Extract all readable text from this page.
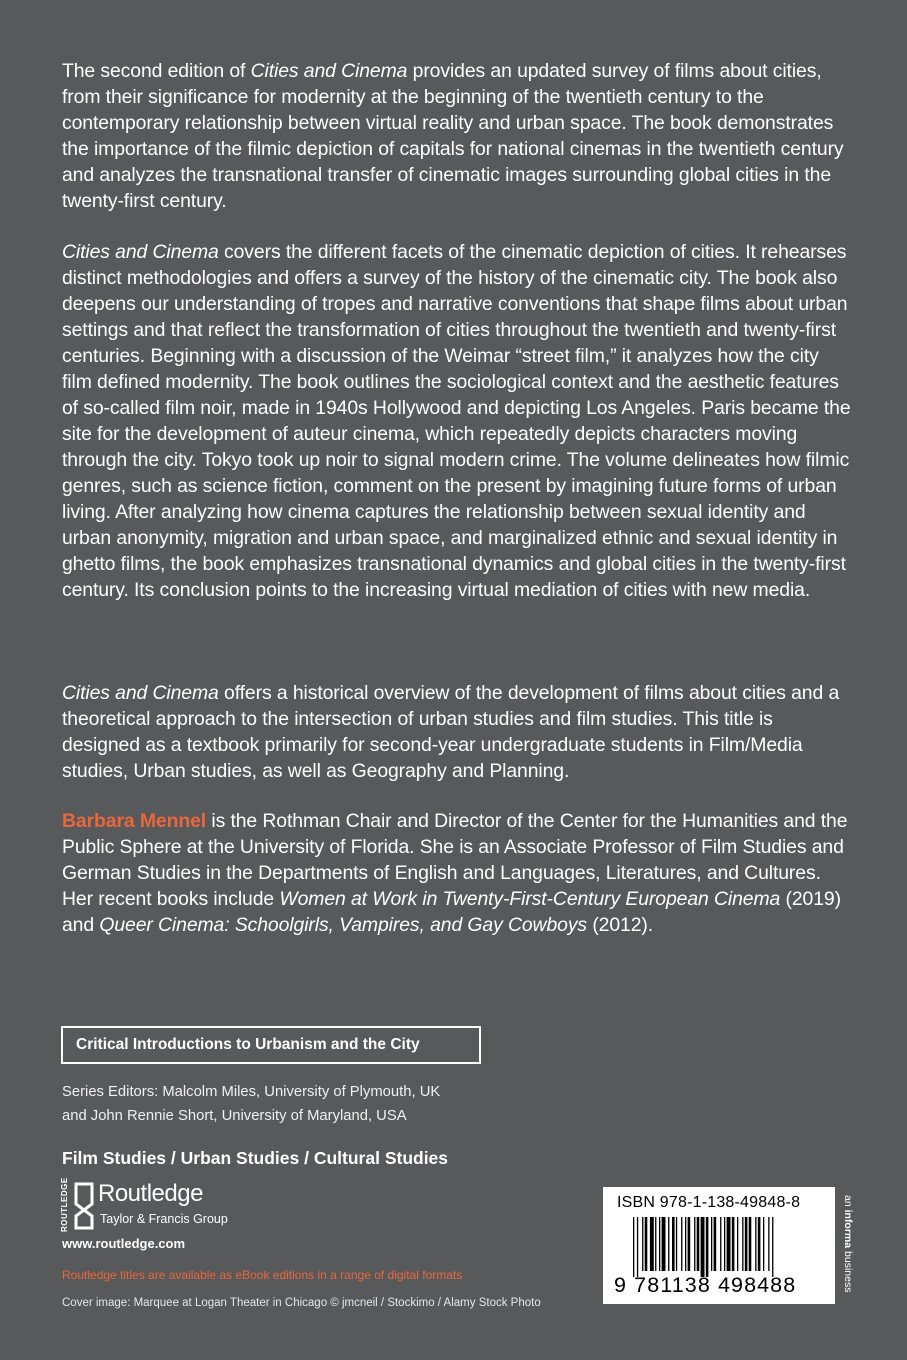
The second edition of Cities and Cinema provides an updated survey of films about cities, from their significance for modernity at the beginning of the twentieth century to the contemporary relationship between virtual reality and urban space. The book demonstrates the importance of the filmic depiction of capitals for national cinemas in the twentieth century and analyzes the transnational transfer of cinematic images surrounding global cities in the twenty-first century.

Cities and Cinema covers the different facets of the cinematic depiction of cities. It rehearses distinct methodologies and offers a survey of the history of the cinematic city. The book also deepens our understanding of tropes and narrative conventions that shape films about urban settings and that reflect the transformation of cities throughout the twentieth and twenty-first centuries. Beginning with a discussion of the Weimar “street film,” it analyzes how the city film defined modernity. The book outlines the sociological context and the aesthetic features of so-called film noir, made in 1940s Hollywood and depicting Los Angeles. Paris became the site for the development of auteur cinema, which repeatedly depicts characters moving through the city. Tokyo took up noir to signal modern crime. The volume delineates how filmic genres, such as science fiction, comment on the present by imagining future forms of urban living. After analyzing how cinema captures the relationship between sexual identity and urban anonymity, migration and urban space, and marginalized ethnic and sexual identity in ghetto films, the book emphasizes transnational dynamics and global cities in the twenty-first century. Its conclusion points to the increasing virtual mediation of cities with new media.

Cities and Cinema offers a historical overview of the development of films about cities and a theoretical approach to the intersection of urban studies and film studies. This title is designed as a textbook primarily for second-year undergraduate students in Film/Media studies, Urban studies, as well as Geography and Planning.

Barbara Mennel is the Rothman Chair and Director of the Center for the Humanities and the Public Sphere at the University of Florida. She is an Associate Professor of Film Studies and German Studies in the Departments of English and Languages, Literatures, and Cultures. Her recent books include Women at Work in Twenty-First-Century European Cinema (2019) and Queer Cinema: Schoolgirls, Vampires, and Gay Cowboys (2012).

Critical Introductions to Urbanism and the City
Series Editors: Malcolm Miles, University of Plymouth, UK
and John Rennie Short, University of Maryland, USA
Film Studies / Urban Studies / Cultural Studies
ROUTLEDGE Routledge
Taylor & Francis Group
www.routledge.com
Routledge titles are available as eBook editions in a range of digital formats
Cover image: Marquee at Logan Theater in Chicago © jmcneil / Stockimo / Alamy Stock Photo
ISBN 978-1-138-49848-8
9 781138 498488
an informa business
